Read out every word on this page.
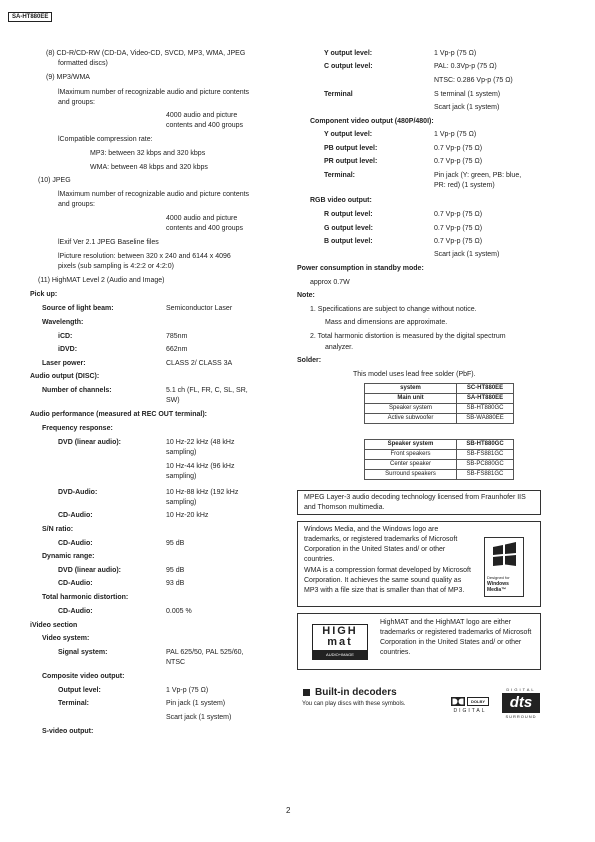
SA-HT880EE
(8) CD-R/CD-RW (CD-DA, Video-CD, SVCD, MP3, WMA, JPEG
formatted discs)
(9) MP3/WMA
lMaximum number of recognizable audio and picture contents
and groups:
4000 audio and picture
contents and 400 groups
lCompatible compression rate:
MP3: between 32 kbps and 320 kbps
WMA: between 48 kbps and 320 kbps
(10) JPEG
lMaximum number of recognizable audio and picture contents
and groups:
4000 audio and picture
contents and 400 groups
lExif Ver 2.1 JPEG Baseline files
lPicture resolution: between 320 x 240 and 6144 x 4096
pixels (sub sampling is 4:2:2 or 4:2:0)
(11) HighMAT Level 2 (Audio and Image)
Pick up:
Source of light beam:	Semiconductor Laser
Wavelength:
iCD:	785nm
iDVD:	662nm
Laser power:	CLASS 2/ CLASS 3A
Audio output (DISC):
Number of channels:	5.1 ch (FL, FR, C, SL, SR,
SW)
Audio performance (measured at REC OUT terminal):
Frequency response:
DVD (linear audio):	10 Hz-22 kHz (48 kHz
sampling)
10 Hz-44 kHz (96 kHz
sampling)
DVD-Audio:	10 Hz-88 kHz (192 kHz
sampling)
CD-Audio:	10 Hz-20 kHz
S/N ratio:
CD-Audio:	95 dB
Dynamic range:
DVD (linear audio):	95 dB
CD-Audio:	93 dB
Total harmonic distortion:
CD-Audio:	0.005 %
iVideo section
Video system:
Signal system:	PAL 625/50, PAL 525/60,
NTSC
Composite video output:
Output level:	1 Vp-p (75 Ω)
Terminal:	Pin jack (1 system)
Scart jack (1 system)
S-video output:
Y output level:	1 Vp-p (75 Ω)
C output level:	PAL: 0.3Vp-p (75 Ω)
NTSC: 0.286 Vp-p (75 Ω)
Terminal	S terminal (1 system)
Scart jack (1 system)
Component video output (480P/480I):
Y output level:	1 Vp-p (75 Ω)
PB output level:	0.7 Vp-p (75 Ω)
PR output level:	0.7 Vp-p (75 Ω)
Terminal:	Pin jack (Y: green, PB: blue,
PR: red) (1 system)
RGB video output:
R output level:	0.7 Vp-p (75 Ω)
G output level:	0.7 Vp-p (75 Ω)
B output level:	0.7 Vp-p (75 Ω)
Scart jack (1 system)
Power consumption in standby mode:
approx 0.7W
Note:
1. Specifications are subject to change without notice.
Mass and dimensions are approximate.
2. Total harmonic distortion is measured by the digital spectrum
analyzer.
Solder:
This model uses lead free solder (PbF).
system	SC-HT880EE
Main unit	SA-HT880EE
Speaker system	SB-HT880GC
Active subwoofer	SB-WA880EE
Speaker system	SB-HT880GC
Front speakers	SB-FS881GC
Center speaker	SB-PC880GC
Surround speakers	SB-FS881GC
MPEG Layer-3 audio decoding technology licensed from Fraunhofer IIS and Thomson multimedia.
Windows Media, and the Windows logo are trademarks, or registered trademarks of Microsoft Corporation in the United States and/ or other countries.
WMA is a compression format developed by Microsoft Corporation. It achieves the same sound quality as MP3 with a file size that is smaller than that of MP3.
Designed for
Windows
Media™
HIGH
mat
AUDIO+IMAGE
HighMAT and the HighMAT logo are either trademarks or registered trademarks of Microsoft Corporation in the United States and/ or other countries.
Built-in decoders
You can play discs with these symbols.	DOLBY
DIGITAL
DIGITAL
dts
SURROUND
2
